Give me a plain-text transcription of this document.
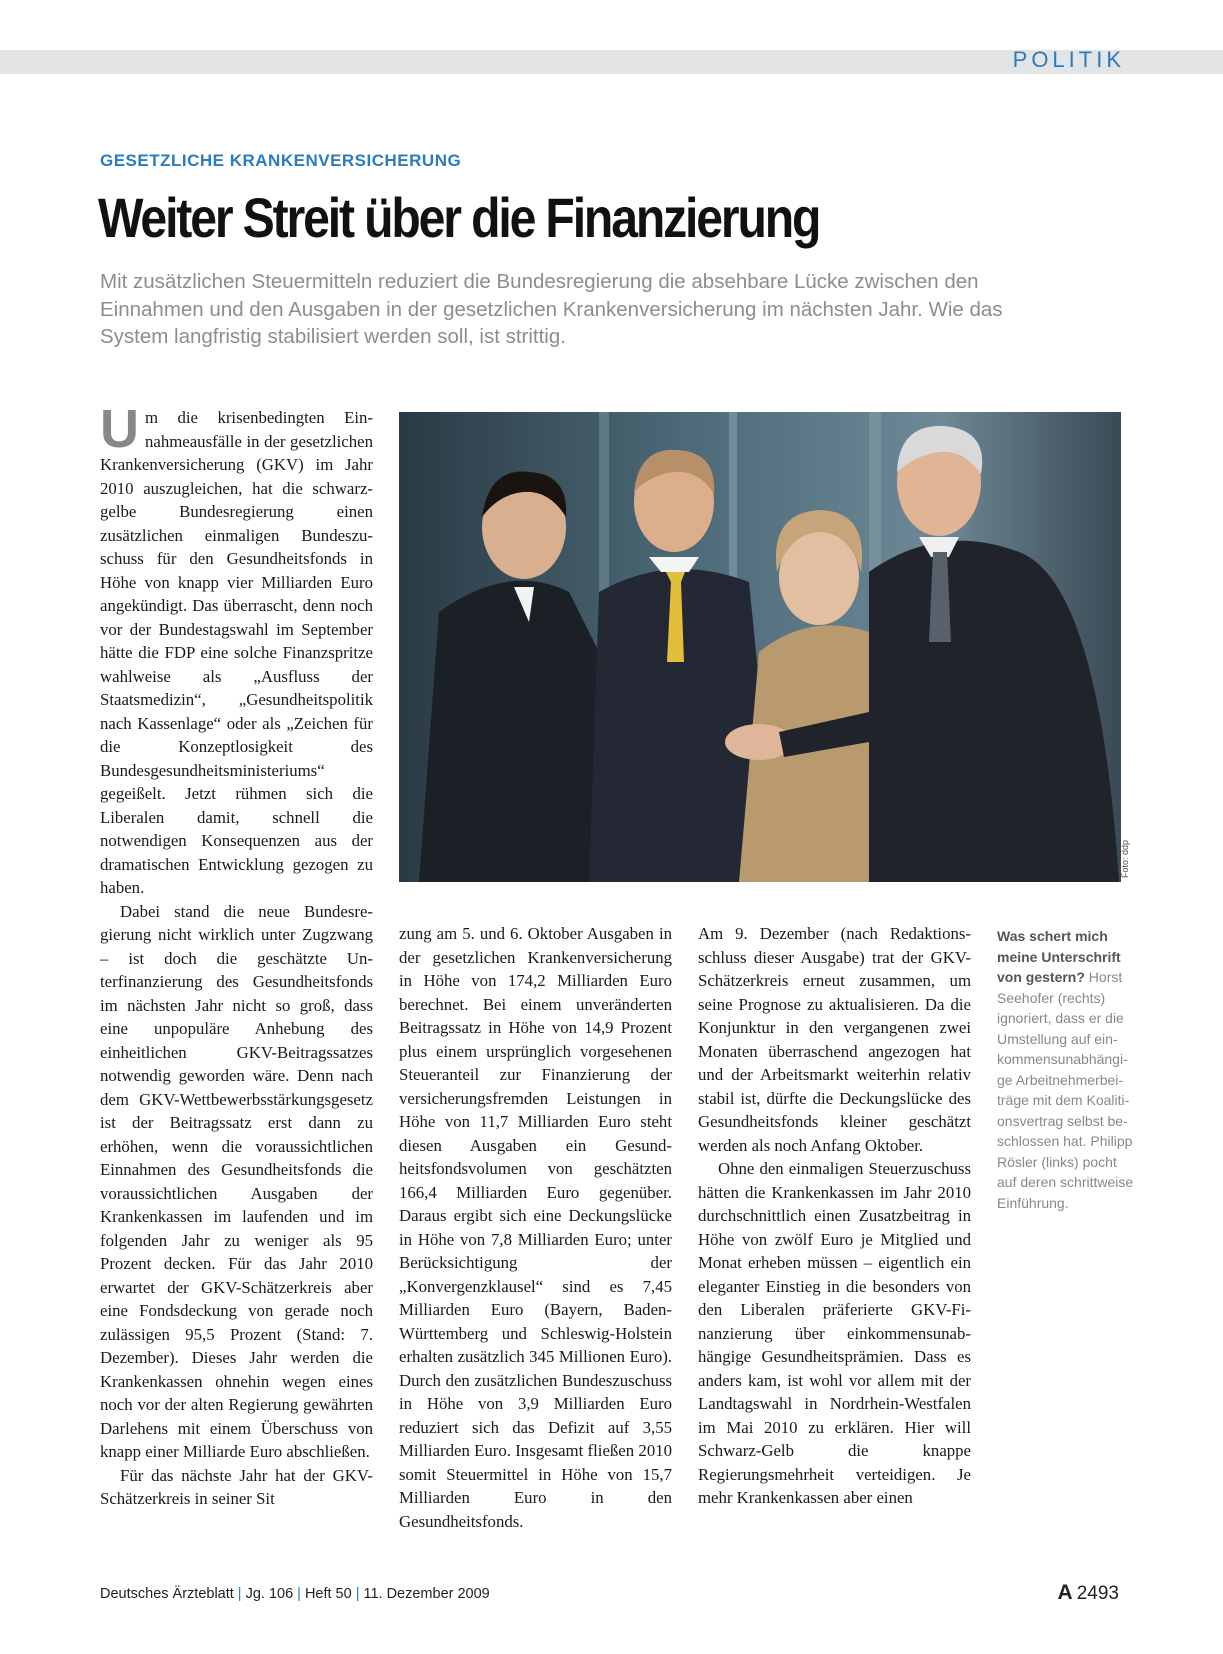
POLITIK
GESETZLICHE KRANKENVERSICHERUNG
Weiter Streit über die Finanzierung

Mit zusätzlichen Steuermitteln reduziert die Bundesregierung die absehbare Lücke zwischen den Einnahmen und den Ausgaben in der gesetzlichen Krankenversicherung im nächsten Jahr. Wie das System langfristig stabilisiert werden soll, ist strittig.

U m die krisenbedingten Einnahmeausfälle in der gesetzlichen Krankenversicherung (GKV) im Jahr 2010 auszugleichen, hat die schwarz-gelbe Bundesregierung einen zusätzlichen einmaligen Bundeszuschuss für den Gesundheitsfonds in Höhe von knapp vier Milliarden Euro angekündigt. Das überrascht, denn noch vor der Bundestagswahl im September hätte die FDP eine solche Finanzspritze wahlweise als „Ausfluss der Staatsmedizin“, „Gesundheitspolitik nach Kassenlage“ oder als „Zeichen für die Konzeptlosigkeit des Bundesgesundheitsministeriums“ gegeißelt. Jetzt rühmen sich die Liberalen damit, schnell die notwendigen Konsequenzen aus der dramatischen Entwicklung gezogen zu haben.

Dabei stand die neue Bundesregierung nicht wirklich unter Zugzwang – ist doch die geschätzte Unterfinanzierung des Gesundheitsfonds im nächsten Jahr nicht so groß, dass eine unpopuläre Anhebung des einheitlichen GKV-Beitragssatzes notwendig geworden wäre. Denn nach dem GKV-Wettbewerbsstärkungsgesetz ist der Beitragssatz erst dann zu erhöhen, wenn die voraussichtlichen Einnahmen des Gesundheitsfonds die voraussichtlichen Ausgaben der Krankenkassen im laufenden und im folgenden Jahr zu weniger als 95 Prozent decken. Für das Jahr 2010 erwartet der GKV-Schätzerkreis aber eine Fondsdeckung von gerade noch zulässigen 95,5 Prozent (Stand: 7. Dezember). Dieses Jahr werden die Krankenkassen ohnehin wegen eines noch vor der alten Regierung gewährten Darlehens mit einem Überschuss von knapp einer Milliarde Euro abschließen.

Für das nächste Jahr hat der GKV-Schätzerkreis in seiner Sit

Foto: ddp

zung am 5. und 6. Oktober Ausgaben in der gesetzlichen Krankenversicherung in Höhe von 174,2 Milliarden Euro berechnet. Bei einem unveränderten Beitragssatz in Höhe von 14,9 Prozent plus einem ursprünglich vorgesehenen Steueranteil zur Finanzierung der versicherungsfremden Leistungen in Höhe von 11,7 Milliarden Euro steht diesen Ausgaben ein Gesundheitsfondsvolumen von geschätzten 166,4 Milliarden Euro gegenüber. Daraus ergibt sich eine Deckungslücke in Höhe von 7,8 Milliarden Euro; unter Berücksichtigung der „Konvergenzklausel“ sind es 7,45 Milliarden Euro (Bayern, Baden-Württemberg und Schleswig-Holstein erhalten zusätzlich 345 Millionen Euro). Durch den zusätzlichen Bundeszuschuss in Höhe von 3,9 Milliarden Euro reduziert sich das Defizit auf 3,55 Milliarden Euro. Insgesamt fließen 2010 somit Steuermittel in Höhe von 15,7 Milliarden Euro in den Gesundheitsfonds.

Am 9. Dezember (nach Redaktionsschluss dieser Ausgabe) trat der GKV-Schätzerkreis erneut zusammen, um seine Prognose zu aktualisieren. Da die Konjunktur in den vergangenen zwei Monaten überraschend angezogen hat und der Arbeitsmarkt weiterhin relativ stabil ist, dürfte die Deckungslücke des Gesundheitsfonds kleiner geschätzt werden als noch Anfang Oktober.

Ohne den einmaligen Steuerzuschuss hätten die Krankenkassen im Jahr 2010 durchschnittlich einen Zusatzbeitrag in Höhe von zwölf Euro je Mitglied und Monat erheben müssen – eigentlich ein eleganter Einstieg in die besonders von den Liberalen präferierte GKV-Finanzierung über einkommensunabhängige Gesundheitsprämien. Dass es anders kam, ist wohl vor allem mit der Landtagswahl in Nordrhein-Westfalen im Mai 2010 zu erklären. Hier will Schwarz-Gelb die knappe Regierungsmehrheit verteidigen. Je mehr Krankenkassen aber einen

Was schert mich meine Unterschrift von gestern? Horst Seehofer (rechts) ignoriert, dass er die Umstellung auf einkommensunabhängige Arbeitnehmerbeiträge mit dem Koalitionsvertrag selbst beschlossen hat. Philipp Rösler (links) pocht auf deren schrittweise Einführung.

Deutsches Ärzteblatt | Jg. 106 | Heft 50 | 11. Dezember 2009	A 2493
